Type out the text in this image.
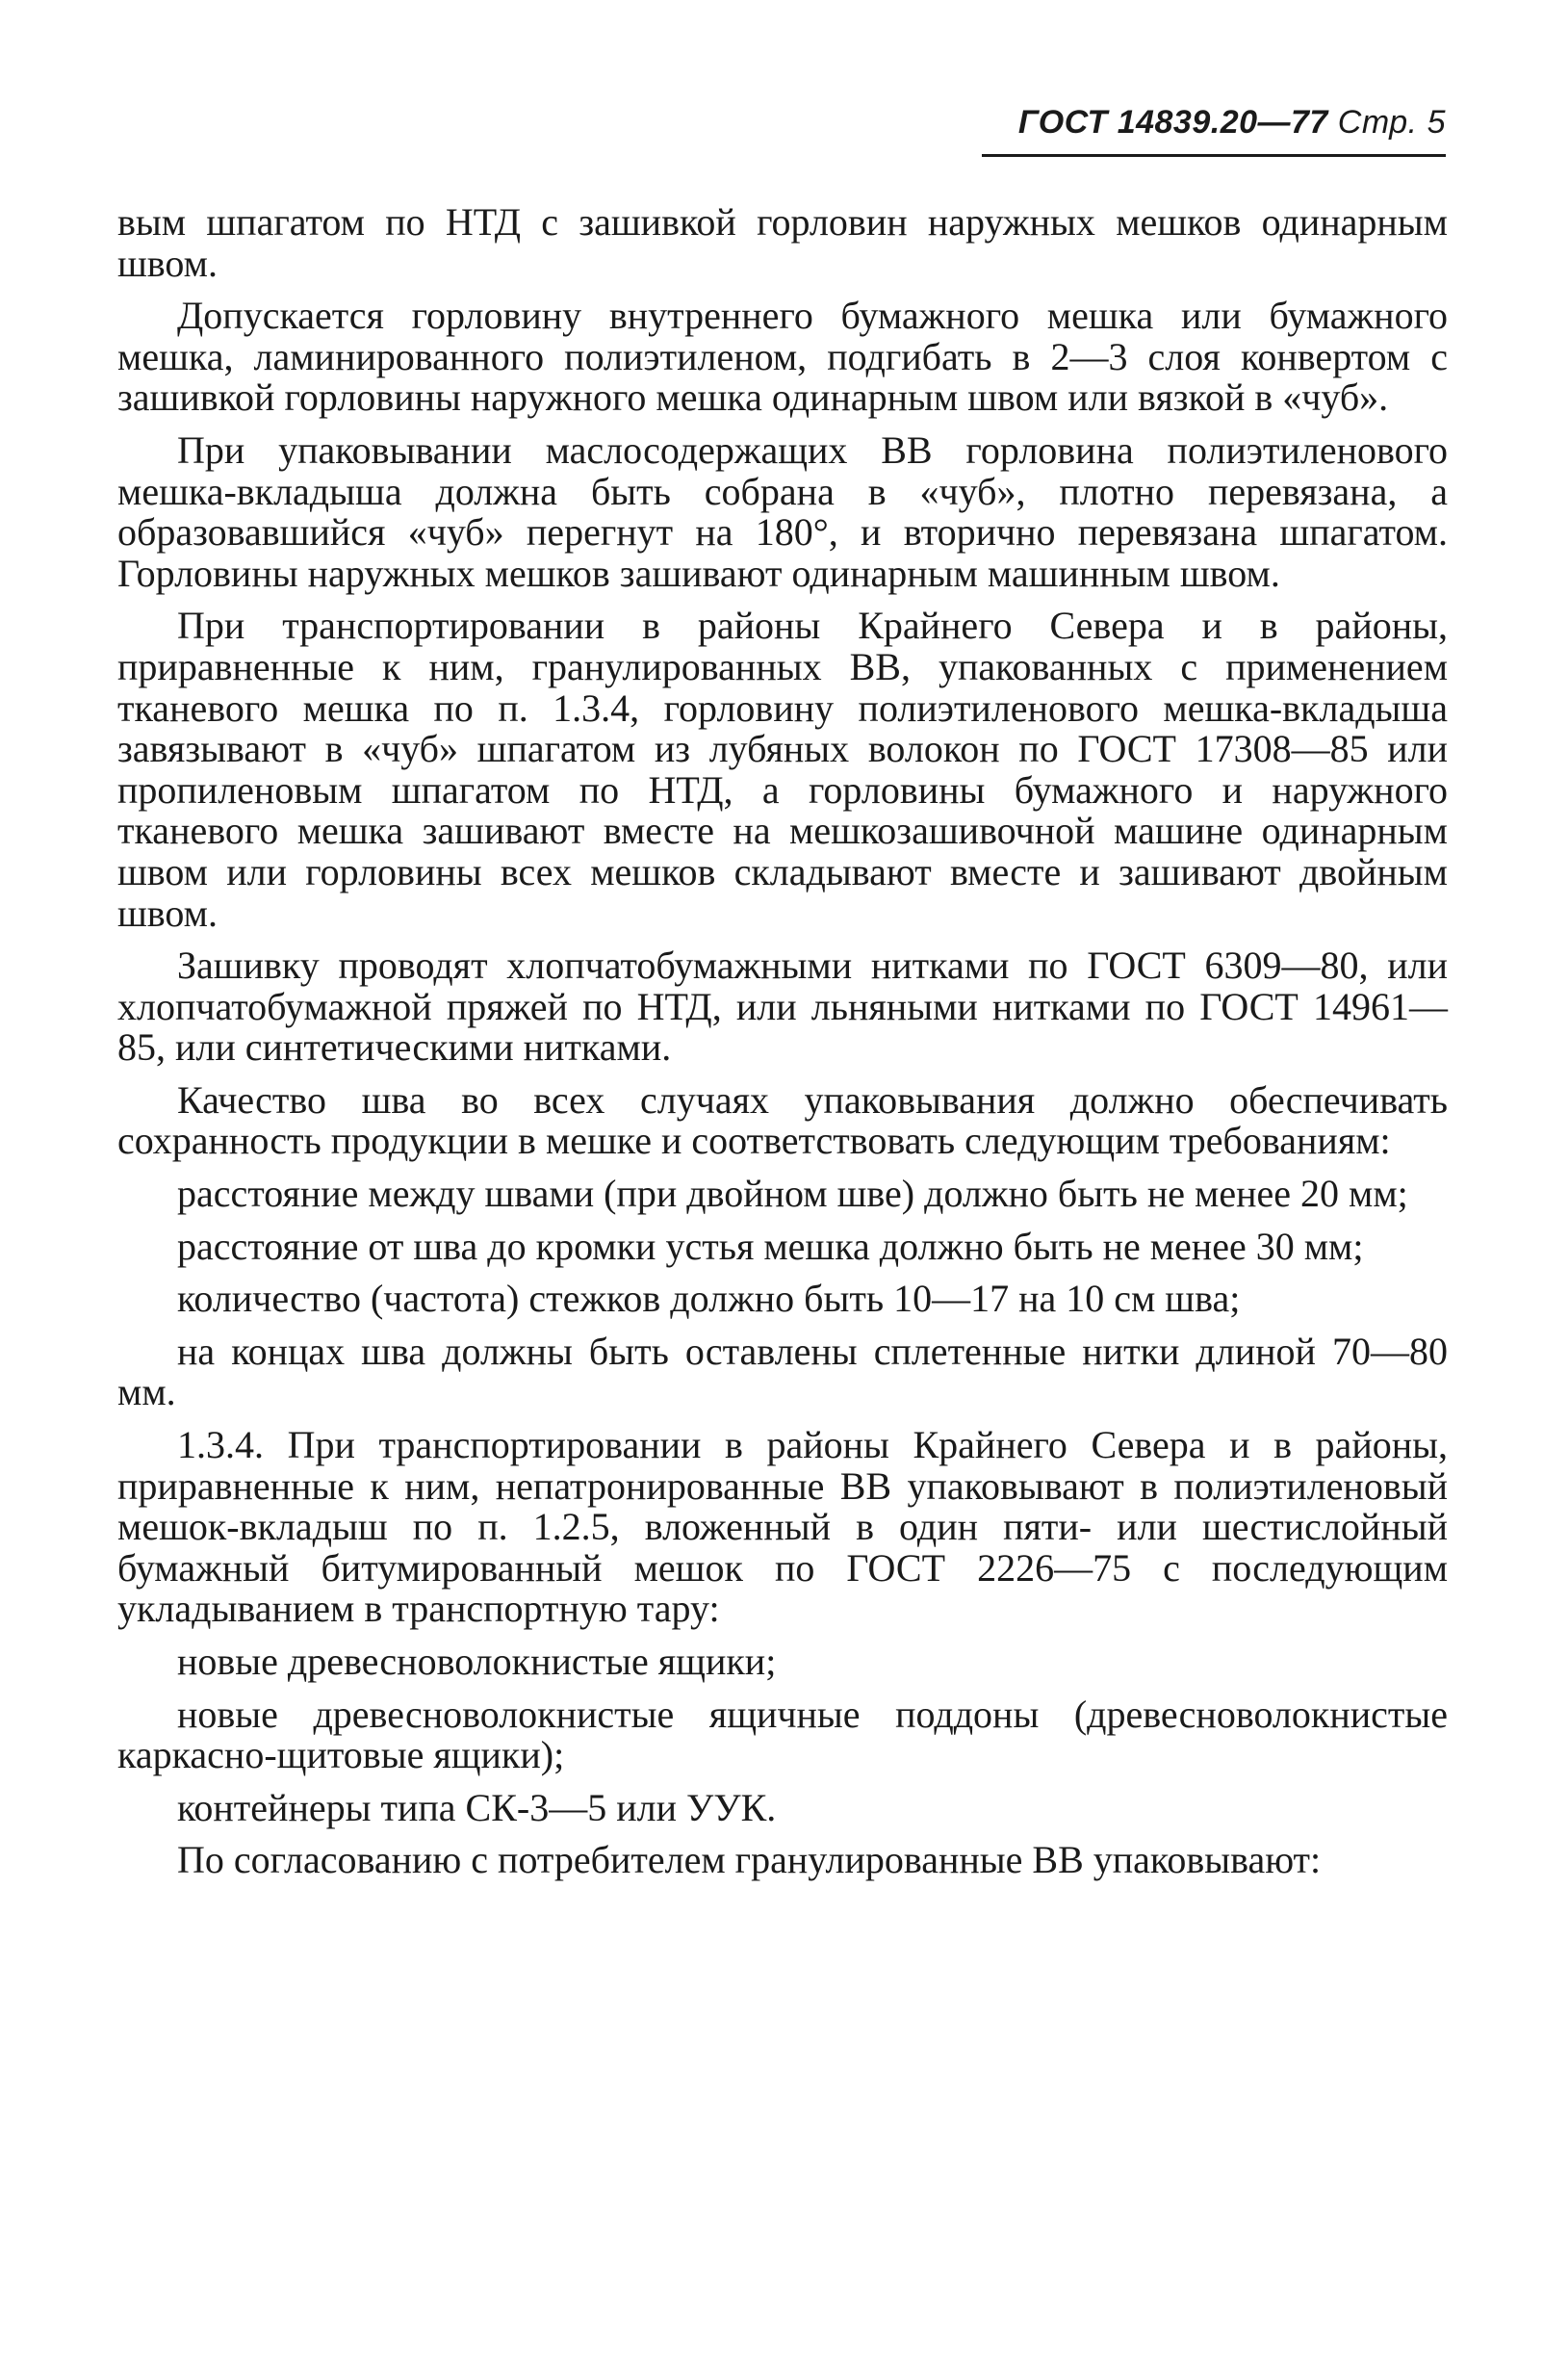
ГОСТ 14839.20—77 Стр. 5

вым шпагатом по НТД с зашивкой горловин наружных мешков одинарным швом.

Допускается горловину внутреннего бумажного мешка или бумажного мешка, ламинированного полиэтиленом, подгибать в 2—3 слоя конвертом с зашивкой горловины наружного мешка одинарным швом или вязкой в «чуб».

При упаковывании маслосодержащих ВВ горловина полиэтиленового мешка-вкладыша должна быть собрана в «чуб», плотно перевязана, а образовавшийся «чуб» перегнут на 180°, и вторично перевязана шпагатом. Горловины наружных мешков зашивают одинарным машинным швом.

При транспортировании в районы Крайнего Севера и в районы, приравненные к ним, гранулированных ВВ, упакованных с применением тканевого мешка по п. 1.3.4, горловину полиэтиленового мешка-вкладыша завязывают в «чуб» шпагатом из лубяных волокон по ГОСТ 17308—85 или пропиленовым шпагатом по НТД, а горловины бумажного и наружного тканевого мешка зашивают вместе на мешкозашивочной машине одинарным швом или горловины всех мешков складывают вместе и зашивают двойным швом.

Зашивку проводят хлопчатобумажными нитками по ГОСТ 6309—80, или хлопчатобумажной пряжей по НТД, или льняными нитками по ГОСТ 14961—85, или синтетическими нитками.

Качество шва во всех случаях упаковывания должно обеспечивать сохранность продукции в мешке и соответствовать следующим требованиям:

расстояние между швами (при двойном шве) должно быть не менее 20 мм;

расстояние от шва до кромки устья мешка должно быть не менее 30 мм;

количество (частота) стежков должно быть 10—17 на 10 см шва;

на концах шва должны быть оставлены сплетенные нитки длиной 70—80 мм.

1.3.4. При транспортировании в районы Крайнего Севера и в районы, приравненные к ним, непатронированные ВВ упаковывают в полиэтиленовый мешок-вкладыш по п. 1.2.5, вложенный в один пяти- или шестислойный бумажный битумированный мешок по ГОСТ 2226—75 с последующим укладыванием в транспортную тару:

новые древесноволокнистые ящики;

новые древесноволокнистые ящичные поддоны (древесноволокнистые каркасно-щитовые ящики);

контейнеры типа СК-3—5 или УУК.

По согласованию с потребителем гранулированные ВВ упаковывают:
